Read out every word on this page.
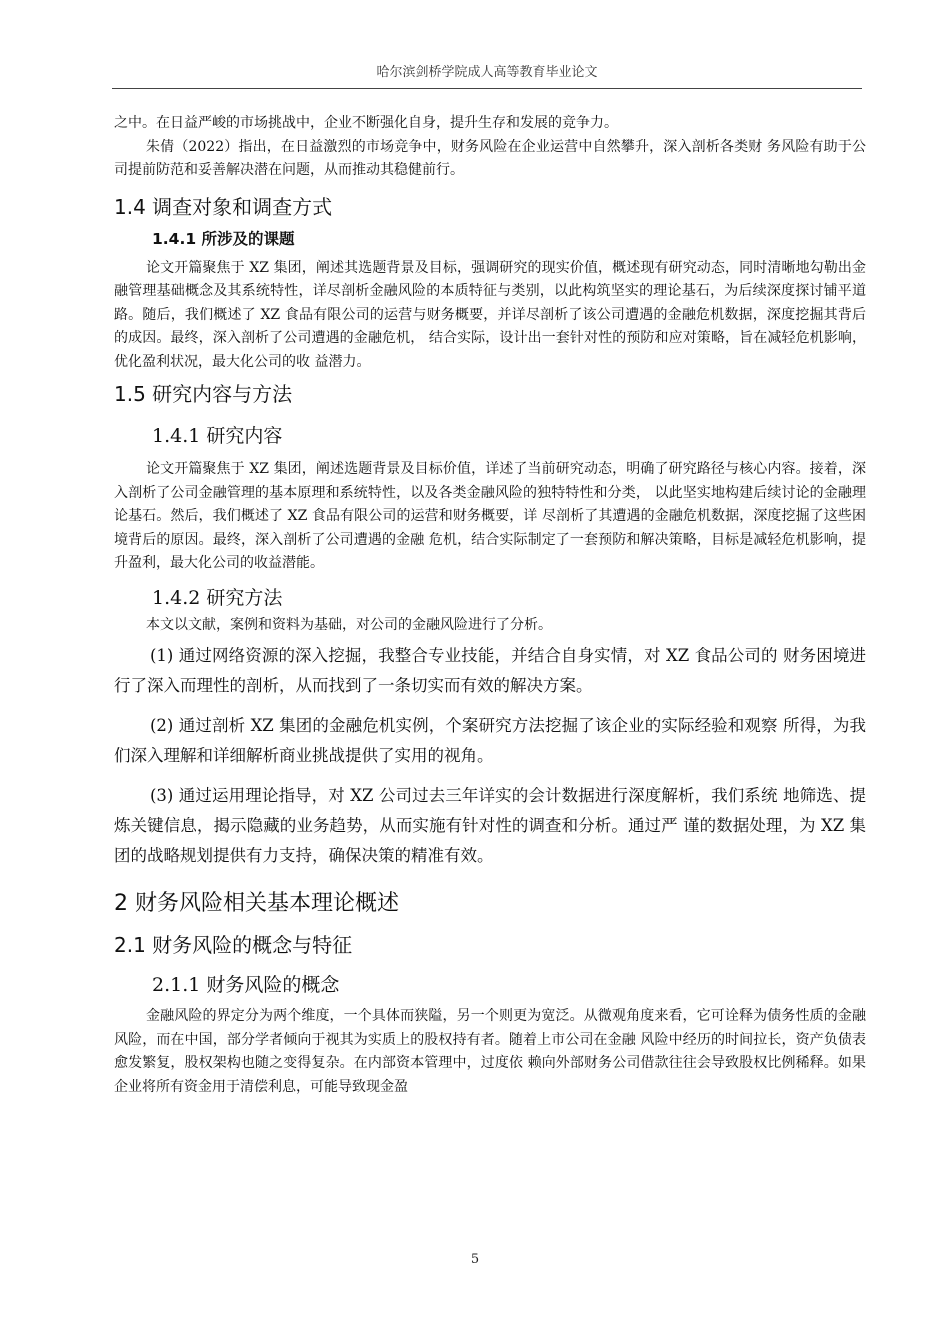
哈尔滨剑桥学院成人高等教育毕业论文

之中。在日益严峻的市场挑战中，企业不断强化自身，提升生存和发展的竞争力。

朱倩（2022）指出，在日益激烈的市场竞争中，财务风险在企业运营中自然攀升，深入剖析各类财 务风险有助于公司提前防范和妥善解决潜在问题，从而推动其稳健前行。

1.4 调查对象和调查方式
1.4.1 所涉及的课题

论文开篇聚焦于 XZ 集团，阐述其选题背景及目标，强调研究的现实价值，概述现有研究动态，同时清晰地勾勒出金融管理基础概念及其系统特性，详尽剖析金融风险的本质特征与类别，以此构筑坚实的理论基石，为后续深度探讨铺平道路。随后，我们概述了 XZ 食品有限公司的运营与财务概要，并详尽剖析了该公司遭遇的金融危机数据，深度挖掘其背后的成因。最终，深入剖析了公司遭遇的金融危机， 结合实际，设计出一套针对性的预防和应对策略，旨在减轻危机影响，优化盈利状况，最大化公司的收 益潜力。

1.5 研究内容与方法
1.4.1 研究内容

论文开篇聚焦于 XZ 集团，阐述选题背景及目标价值，详述了当前研究动态，明确了研究路径与核心内容。接着，深入剖析了公司金融管理的基本原理和系统特性，以及各类金融风险的独特特性和分类， 以此坚实地构建后续讨论的金融理论基石。然后，我们概述了 XZ 食品有限公司的运营和财务概要，详 尽剖析了其遭遇的金融危机数据，深度挖掘了这些困境背后的原因。最终，深入剖析了公司遭遇的金融 危机，结合实际制定了一套预防和解决策略，目标是减轻危机影响，提升盈利，最大化公司的收益潜能。

1.4.2 研究方法

本文以文献，案例和资料为基础，对公司的金融风险进行了分析。

(1) 通过网络资源的深入挖掘，我整合专业技能，并结合自身实情，对 XZ 食品公司的 财务困境进行了深入而理性的剖析，从而找到了一条切实而有效的解决方案。

(2) 通过剖析 XZ 集团的金融危机实例，个案研究方法挖掘了该企业的实际经验和观察 所得，为我们深入理解和详细解析商业挑战提供了实用的视角。

(3) 通过运用理论指导，对 XZ 公司过去三年详实的会计数据进行深度解析，我们系统 地筛选、提炼关键信息，揭示隐藏的业务趋势，从而实施有针对性的调查和分析。通过严 谨的数据处理，为 XZ 集团的战略规划提供有力支持，确保决策的精准有效。

2 财务风险相关基本理论概述
2.1 财务风险的概念与特征
2.1.1 财务风险的概念

金融风险的界定分为两个维度，一个具体而狭隘，另一个则更为宽泛。从微观角度来看，它可诠释为债务性质的金融风险，而在中国，部分学者倾向于视其为实质上的股权持有者。随着上市公司在金融 风险中经历的时间拉长，资产负债表愈发繁复，股权架构也随之变得复杂。在内部资本管理中，过度依 赖向外部财务公司借款往往会导致股权比例稀释。如果企业将所有资金用于清偿利息，可能导致现金盈

5
